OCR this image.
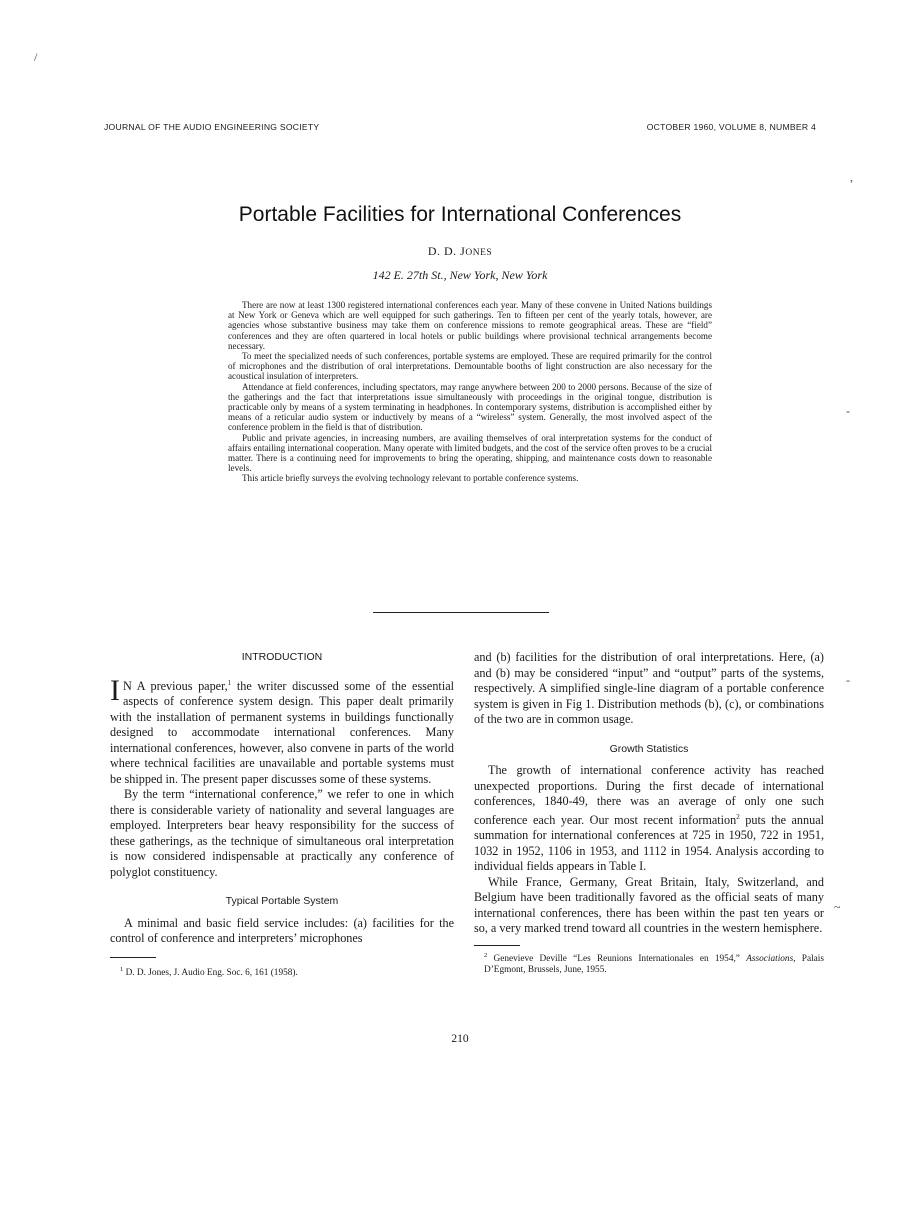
JOURNAL OF THE AUDIO ENGINEERING SOCIETY	OCTOBER 1960, VOLUME 8, NUMBER 4
/
,
-
-
~
Portable Facilities for International Conferences
D. D. JONES
142 E. 27th St., New York, New York

There are now at least 1300 registered international conferences each year. Many of these convene in United Nations buildings at New York or Geneva which are well equipped for such gatherings. Ten to fifteen per cent of the yearly totals, however, are agencies whose substantive business may take them on conference missions to remote geographical areas. These are “field” conferences and they are often quartered in local hotels or public buildings where provisional technical arrangements become necessary.

To meet the specialized needs of such conferences, portable systems are employed. These are required primarily for the control of microphones and the distribution of oral interpretations. Demountable booths of light construction are also necessary for the acoustical insulation of interpreters.

Attendance at field conferences, including spectators, may range anywhere between 200 to 2000 persons. Because of the size of the gatherings and the fact that interpretations issue simultaneously with proceedings in the original tongue, distribution is practicable only by means of a system terminating in headphones. In contemporary systems, distribution is accomplished either by means of a reticular audio system or inductively by means of a “wireless” system. Generally, the most involved aspect of the conference problem in the field is that of distribution.

Public and private agencies, in increasing numbers, are availing themselves of oral interpretation systems for the conduct of affairs entailing international cooperation. Many operate with limited budgets, and the cost of the service often proves to be a crucial matter. There is a continuing need for improvements to bring the operating, shipping, and maintenance costs down to reasonable levels.

This article briefly surveys the evolving technology relevant to portable conference systems.

INTRODUCTION

I N A previous paper,$^1$ the writer discussed some of the essential aspects of conference system design. This paper dealt primarily with the installation of permanent systems in buildings functionally designed to accommodate international conferences. Many international conferences, however, also convene in parts of the world where technical facilities are unavailable and portable systems must be shipped in. The present paper discusses some of these systems.

By the term “international conference,” we refer to one in which there is considerable variety of nationality and several languages are employed. Interpreters bear heavy responsibility for the success of these gatherings, as the technique of simultaneous oral interpretation is now considered indispensable at practically any conference of polyglot constituency.

Typical Portable System

A minimal and basic field service includes: (a) facilities for the control of conference and interpreters’ microphones

$^1$ D. D. Jones, J. Audio Eng. Soc. 6, 161 (1958).

and (b) facilities for the distribution of oral interpretations. Here, (a) and (b) may be considered “input” and “output” parts of the systems, respectively. A simplified single-line diagram of a portable conference system is given in Fig 1. Distribution methods (b), (c), or combinations of the two are in common usage.

Growth Statistics

The growth of international conference activity has reached unexpected proportions. During the first decade of international conferences, 1840-49, there was an average of only one such conference each year. Our most recent information$^2$ puts the annual summation for international conferences at 725 in 1950, 722 in 1951, 1032 in 1952, 1106 in 1953, and 1112 in 1954. Analysis according to individual fields appears in Table I.

While France, Germany, Great Britain, Italy, Switzerland, and Belgium have been traditionally favored as the official seats of many international conferences, there has been within the past ten years or so, a very marked trend toward all countries in the western hemisphere.

$^2$ Genevieve Deville “Les Reunions Internationales en 1954,” Associations, Palais D’Egmont, Brussels, June, 1955.
210
